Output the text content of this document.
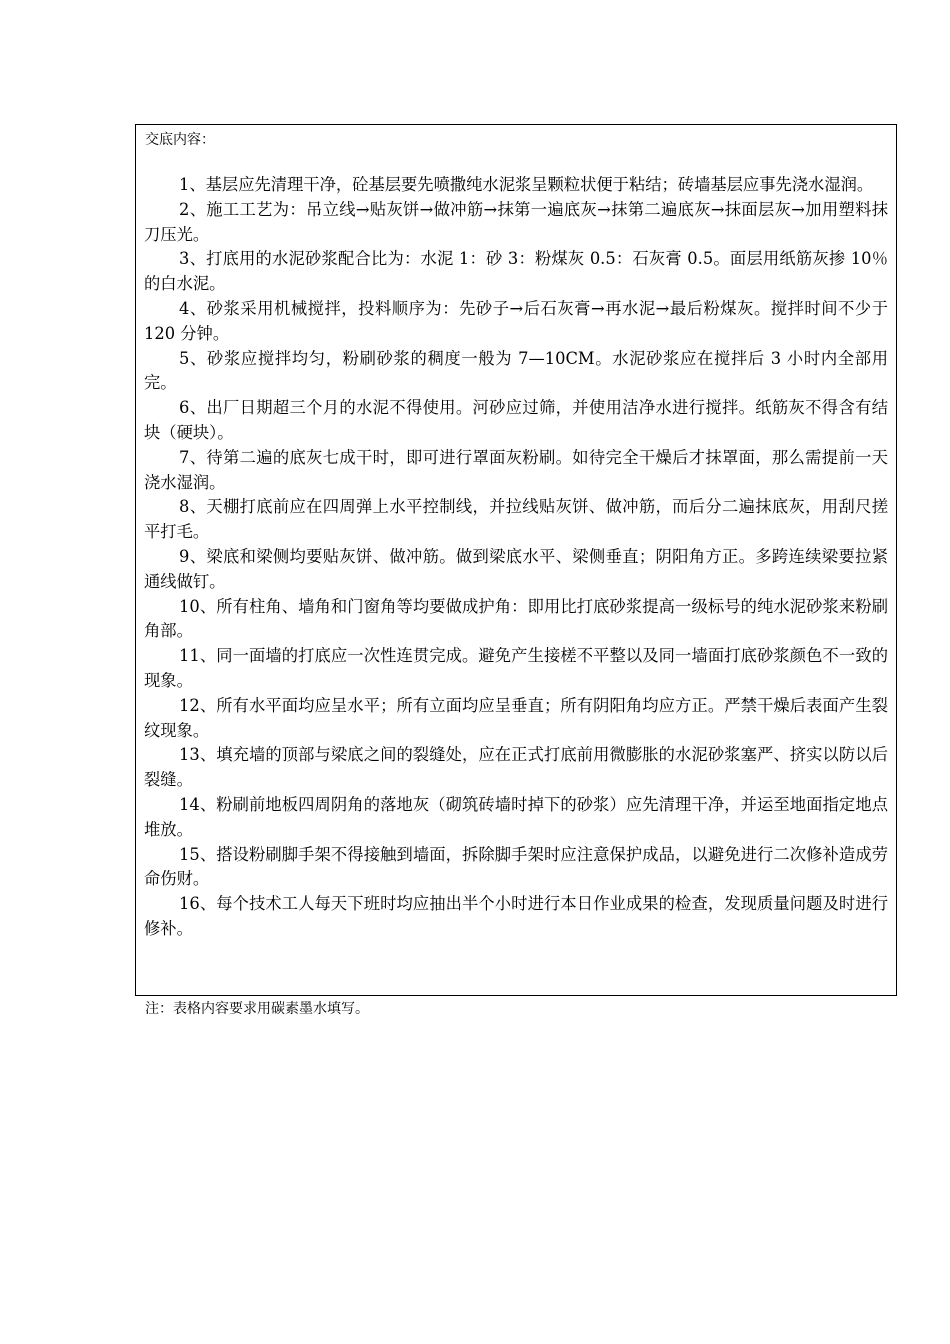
交底内容：
1、基层应先清理干净，砼基层要先喷撒纯水泥浆呈颗粒状便于粘结；砖墙基层应事先浇水湿润。
2、施工工艺为：吊立线→贴灰饼→做冲筋→抹第一遍底灰→抹第二遍底灰→抹面层灰→加用塑料抹刀压光。
3、打底用的水泥砂浆配合比为：水泥 1：砂 3：粉煤灰 0.5：石灰膏 0.5。面层用纸筋灰掺 10％的白水泥。
4、砂浆采用机械搅拌，投料顺序为：先砂子→后石灰膏→再水泥→最后粉煤灰。搅拌时间不少于 120 分钟。
5、砂浆应搅拌均匀，粉刷砂浆的稠度一般为 7—10CM。水泥砂浆应在搅拌后 3 小时内全部用完。
6、出厂日期超三个月的水泥不得使用。河砂应过筛，并使用洁净水进行搅拌。纸筋灰不得含有结块（硬块）。
7、待第二遍的底灰七成干时，即可进行罩面灰粉刷。如待完全干燥后才抹罩面，那么需提前一天浇水湿润。
8、天棚打底前应在四周弹上水平控制线，并拉线贴灰饼、做冲筋，而后分二遍抹底灰，用刮尺搓平打毛。
9、梁底和梁侧均要贴灰饼、做冲筋。做到梁底水平、梁侧垂直；阴阳角方正。多跨连续梁要拉紧通线做钉。
10、所有柱角、墙角和门窗角等均要做成护角：即用比打底砂浆提高一级标号的纯水泥砂浆来粉刷角部。
11、同一面墙的打底应一次性连贯完成。避免产生接槎不平整以及同一墙面打底砂浆颜色不一致的现象。
12、所有水平面均应呈水平；所有立面均应呈垂直；所有阴阳角均应方正。严禁干燥后表面产生裂纹现象。
13、填充墙的顶部与梁底之间的裂缝处，应在正式打底前用微膨胀的水泥砂浆塞严、挤实以防以后裂缝。
14、粉刷前地板四周阴角的落地灰（砌筑砖墙时掉下的砂浆）应先清理干净，并运至地面指定地点堆放。
15、搭设粉刷脚手架不得接触到墙面，拆除脚手架时应注意保护成品，以避免进行二次修补造成劳命伤财。
16、每个技术工人每天下班时均应抽出半个小时进行本日作业成果的检查，发现质量问题及时进行修补。
注：表格内容要求用碳素墨水填写。
